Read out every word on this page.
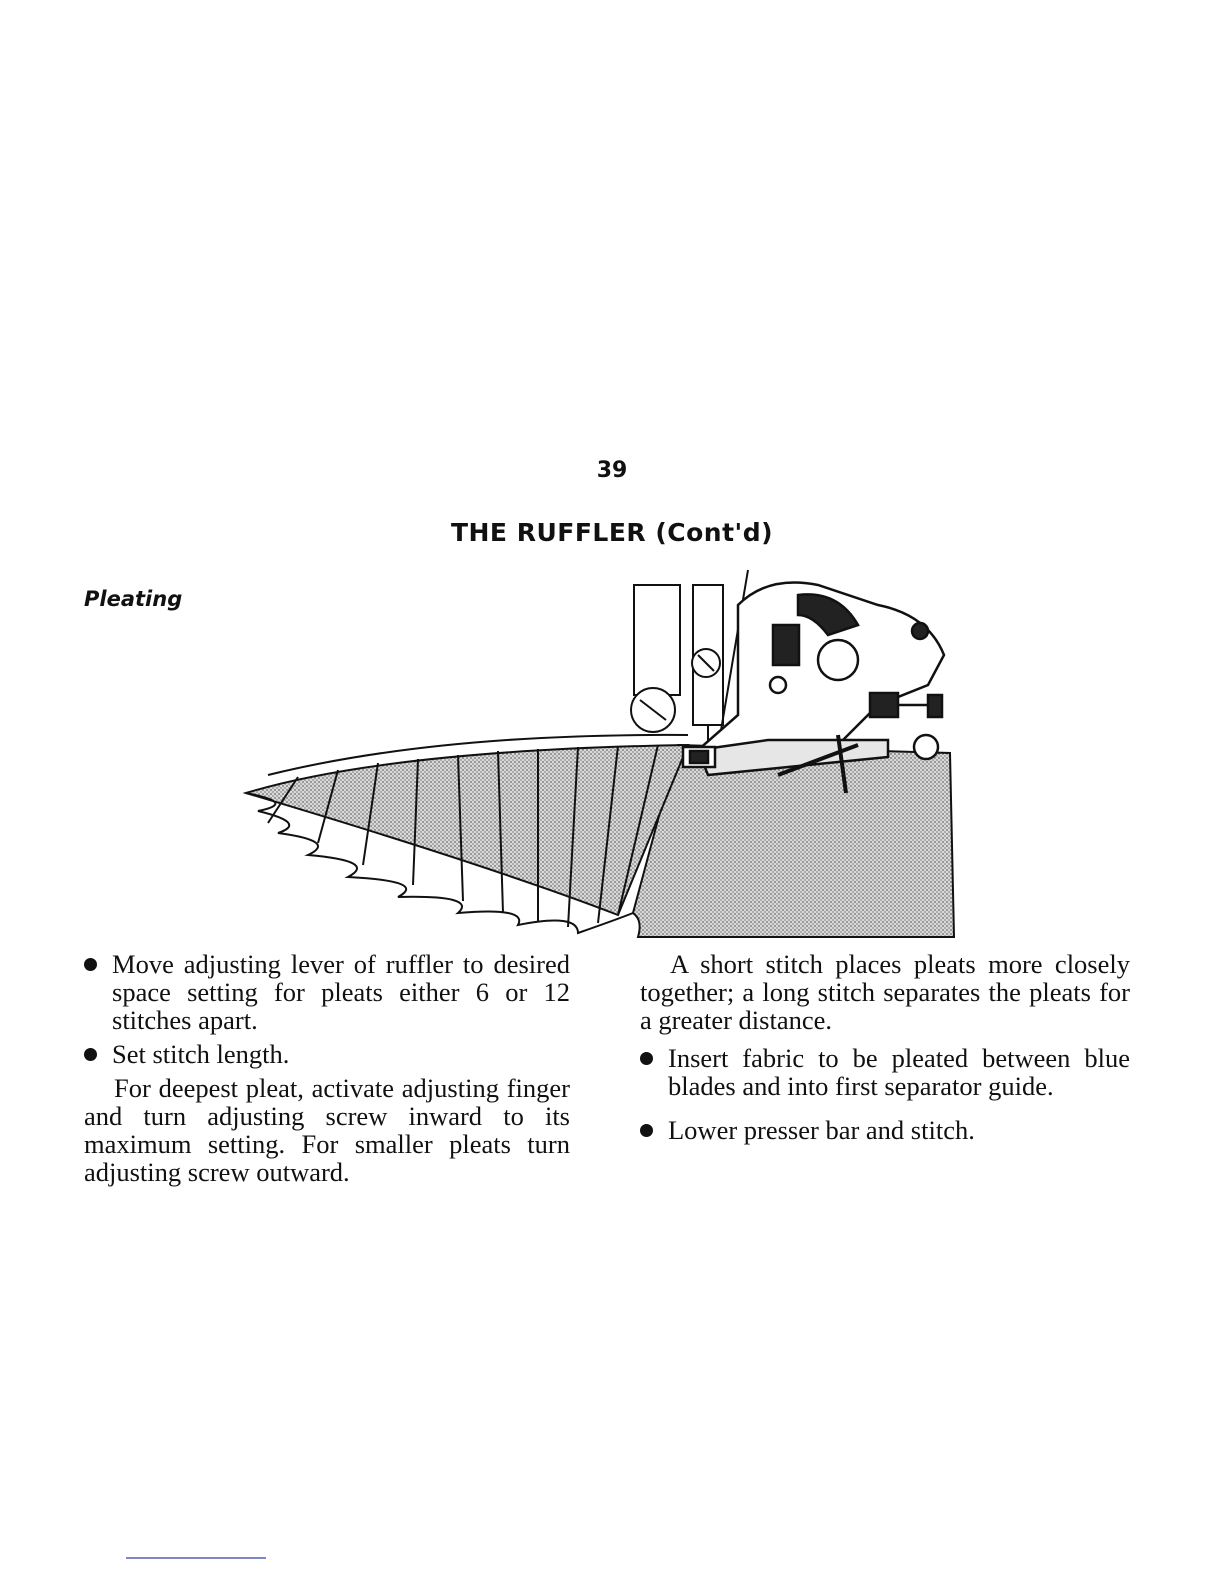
39
THE RUFFLER (Cont'd)
Pleating

Move adjusting lever of ruffler to desired space setting for pleats either 6 or 12 stitches apart.

Set stitch length.

For deepest pleat, activate adjusting finger and turn adjusting screw inward to its maximum setting. For smaller pleats turn adjusting screw outward.

A short stitch places pleats more closely together; a long stitch separates the pleats for a greater distance.

Insert fabric to be pleated between blue blades and into first separator guide.

Lower presser bar and stitch.
